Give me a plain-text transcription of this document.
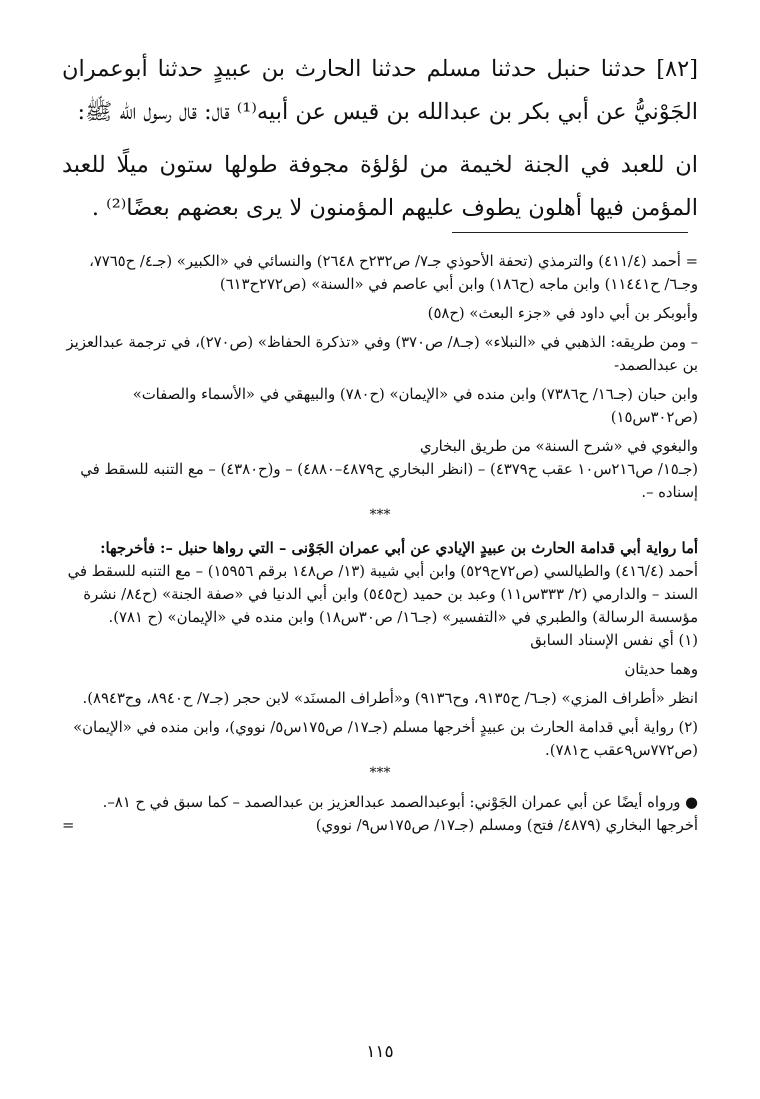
[٨٢] حدثنا حنبل حدثنا مسلم حدثنا الحارث بن عبيدٍ حدثنا أبوعمران الجَوْنيُّ عن أبي بكر بن عبدالله بن قيس عن أبيه⁽¹⁾ قال: قال رسول الله ﷺ:

ان للعبد في الجنة لخيمة من لؤلؤة مجوفة طولها ستون ميلًا للعبد المؤمن فيها أهلون يطوف عليهم المؤمنون لا يرى بعضهم بعضًا⁽²⁾ .

= أحمد (٤١١/٤) والترمذي (تحفة الأحوذي جـ٧/ ص٢٣٢ح ٢٦٤٨) والنسائي في «الكبير» (جـ٤/ ح٧٧٦٥، وجـ٦/ ح١١٤٤١) وابن ماجه (ح١٨٦) وابن أبي عاصم في «السنة» (ص٢٧٢ح٦١٣)

وأبوبكر بن أبي داود في «جزء البعث» (ح٥٨)

– ومن طريقه: الذهبي في «النبلاء» (جـ٨/ ص٣٧٠) وفي «تذكرة الحفاظ» (ص٢٧٠)، في ترجمة عبدالعزيز بن عبدالصمد-

وابن حبان (جـ١٦/ ح٧٣٨٦) وابن منده في «الإيمان» (ح٧٨٠) والبيهقي في «الأسماء والصفات» (ص٣٠٢س١٥)

والبغوي في «شرح السنة» من طريق البخاري

(جـ١٥/ ص٢١٦س١٠ عقب ح٤٣٧٩) – (انظر البخاري ح٤٨٧٩–٤٨٨٠) – و(ح٤٣٨٠) – مع التنبه للسقط في إسناده –.

***

أما رواية أبي قدامة الحارث بن عبيدٍ الإيادي عن أبي عمران الجَوْنى – التي رواها حنبل –: فأخرجها:

أحمد (٤١٦/٤) والطيالسي (ص٧٢ح٥٢٩) وابن أبي شيبة (١٣/ ص١٤٨ برقم ١٥٩٥٦) – مع التنبه للسقط في السند – والدارمي (٢/ ٣٣٣س١١) وعبد بن حميد (ح٥٤٥) وابن أبي الدنيا في «صفة الجنة» (ح٨٤/ نشرة مؤسسة الرسالة) والطبري في «التفسير» (جـ١٦/ ص٣٠س١٨) وابن منده في «الإيمان» (ح ٧٨١).

(١) أي نفس الإسناد السابق

وهما حديثان

انظر «أطراف المزي» (جـ٦/ ح٩١٣٥، وح٩١٣٦) و«أطراف المسنَد» لابن حجر (جـ٧/ ح٨٩٤٠، وح٨٩٤٣).

(٢) رواية أبي قدامة الحارث بن عبيدٍ أخرجها مسلم (جـ١٧/ ص١٧٥س٥/ نووي)، وابن منده في «الإيمان» (ص٧٧٢س٩عقب ح٧٨١).

***

● ورواه أيضًا عن أبي عمران الجَوْني: أبوعبدالصمد عبدالعزيز بن عبدالصمد – كما سبق في ح ٨١–.

أخرجها البخاري (٤٨٧٩/ فتح) ومسلم (جـ١٧/ ص١٧٥س٩/ نووي)
=
١١٥
